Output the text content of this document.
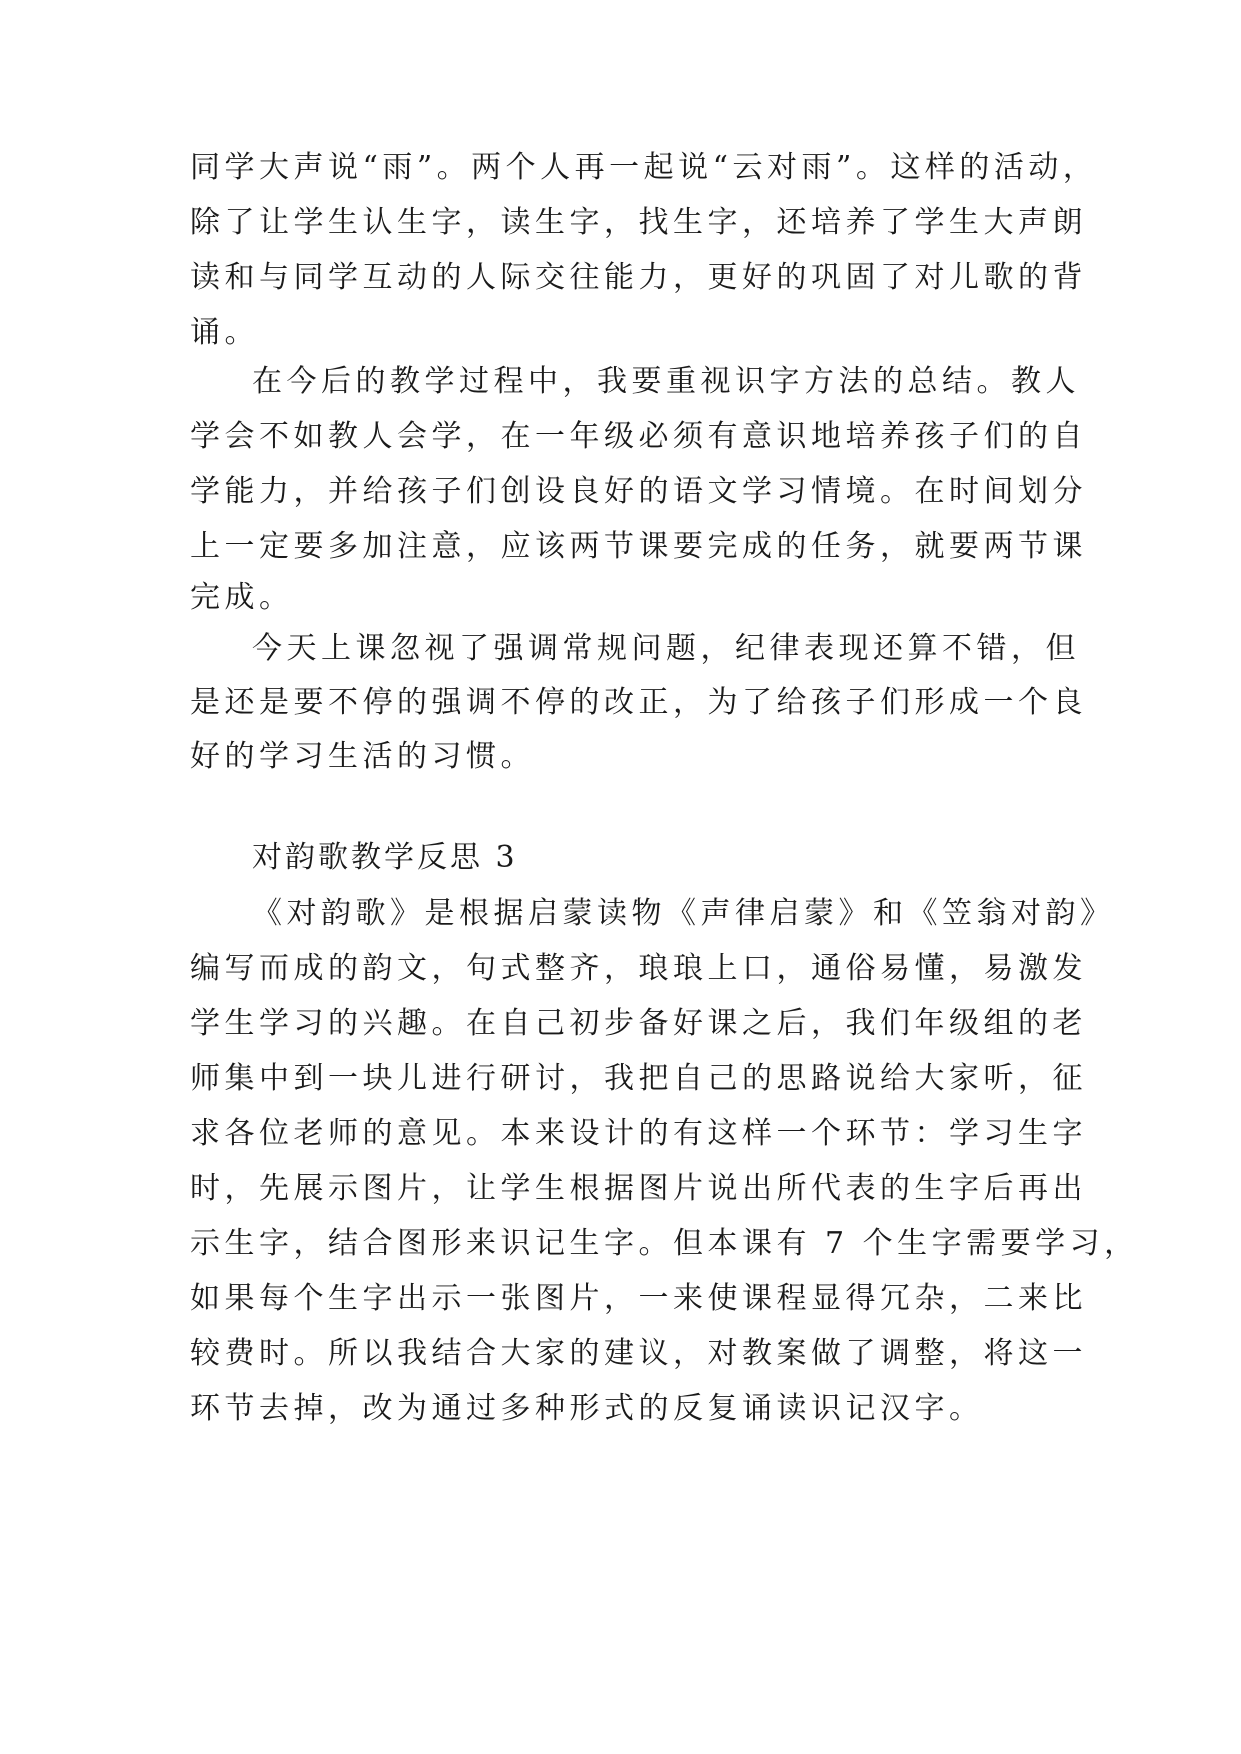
同学大声说“雨”。两个人再一起说“云对雨”。这样的活动，
除了让学生认生字，读生字，找生字，还培养了学生大声朗
读和与同学互动的人际交往能力，更好的巩固了对儿歌的背
诵。
在今后的教学过程中，我要重视识字方法的总结。教人
学会不如教人会学，在一年级必须有意识地培养孩子们的自
学能力，并给孩子们创设良好的语文学习情境。在时间划分
上一定要多加注意，应该两节课要完成的任务，就要两节课
完成。
今天上课忽视了强调常规问题，纪律表现还算不错，但
是还是要不停的强调不停的改正，为了给孩子们形成一个良
好的学习生活的习惯。
对韵歌教学反思 3
《对韵歌》是根据启蒙读物《声律启蒙》和《笠翁对韵》
编写而成的韵文，句式整齐，琅琅上口，通俗易懂，易激发
学生学习的兴趣。在自己初步备好课之后，我们年级组的老
师集中到一块儿进行研讨，我把自己的思路说给大家听，征
求各位老师的意见。本来设计的有这样一个环节：学习生字
时，先展示图片，让学生根据图片说出所代表的生字后再出
示生字，结合图形来识记生字。但本课有 7 个生字需要学习，
如果每个生字出示一张图片，一来使课程显得冗杂，二来比
较费时。所以我结合大家的建议，对教案做了调整，将这一
环节去掉，改为通过多种形式的反复诵读识记汉字。
